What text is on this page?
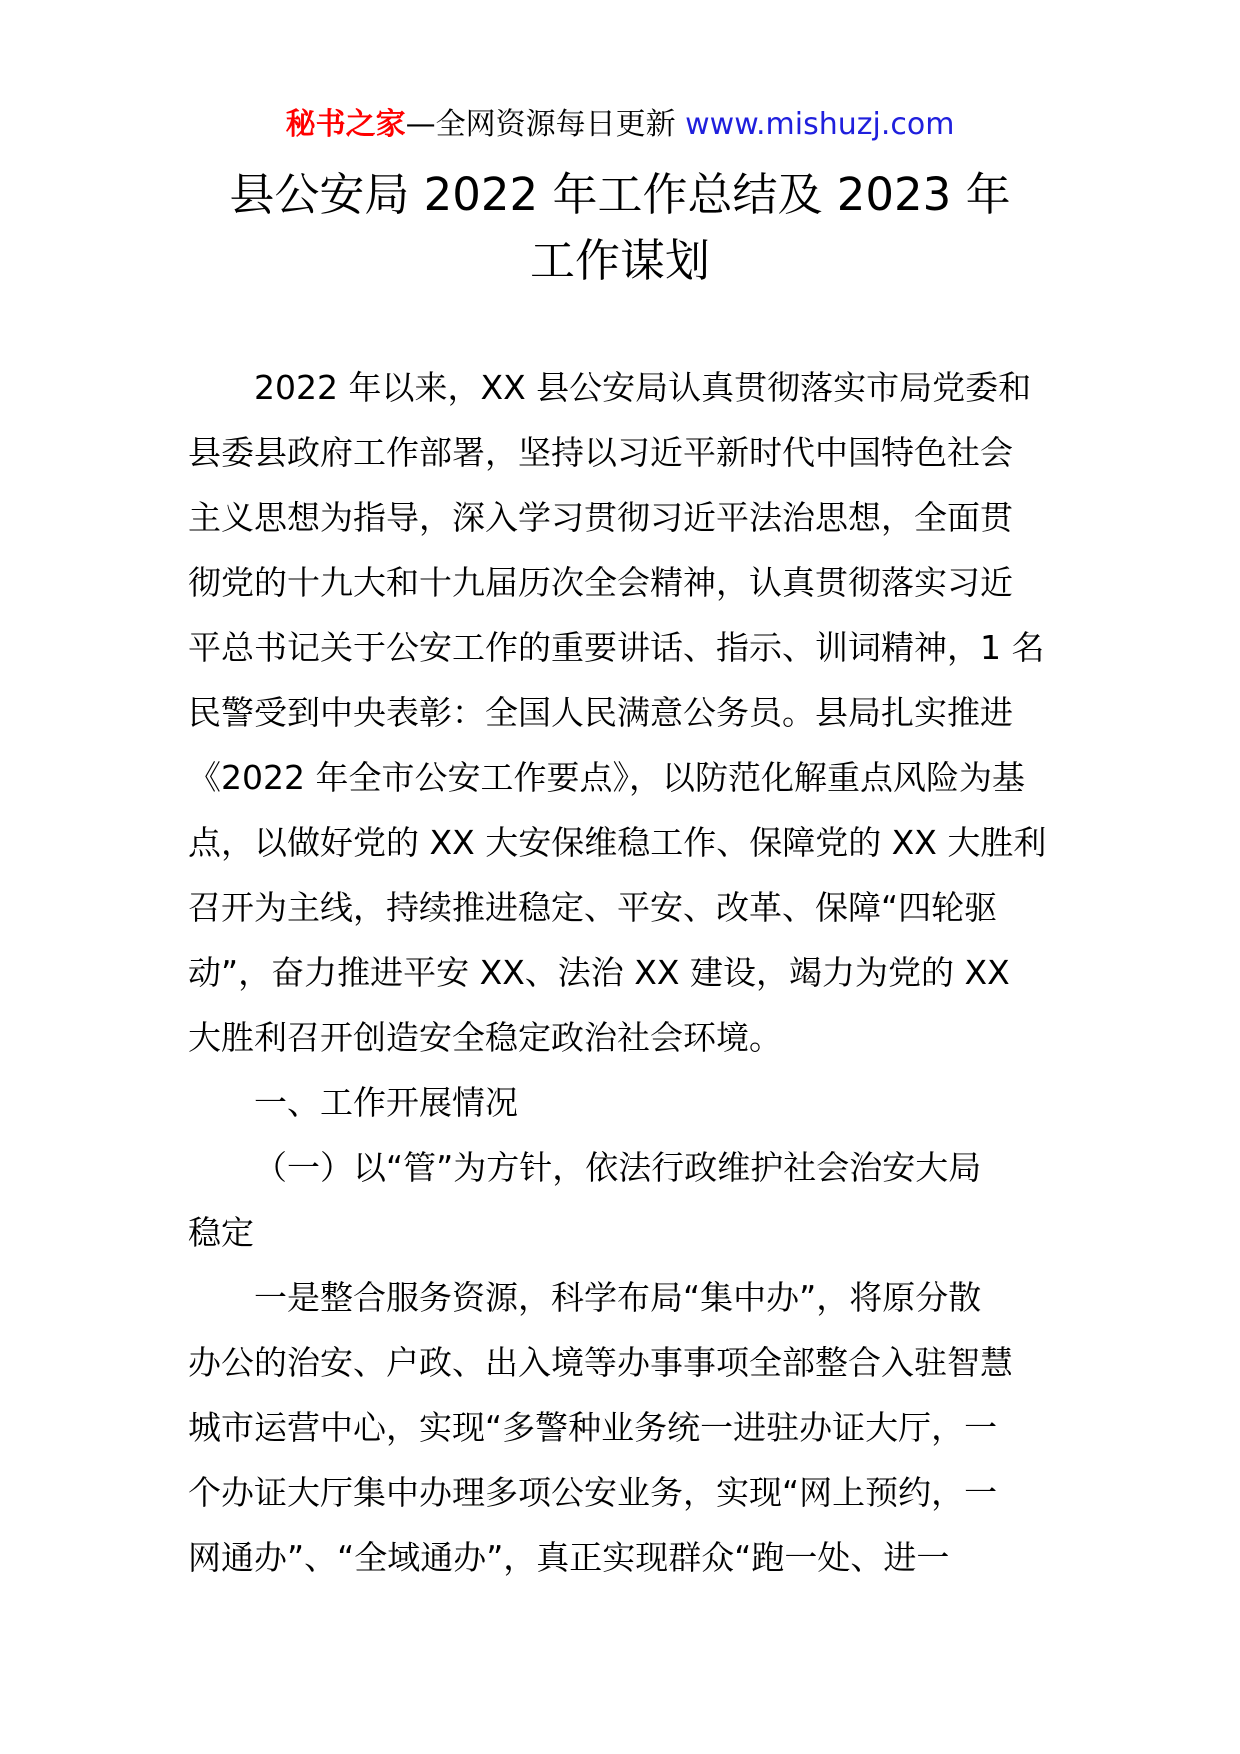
秘书之家—全网资源每日更新 www.mishuzj.com
县公安局 2022 年工作总结及 2023 年
工作谋划
2022 年以来，XX 县公安局认真贯彻落实市局党委和
县委县政府工作部署，坚持以习近平新时代中国特色社会
主义思想为指导，深入学习贯彻习近平法治思想，全面贯
彻党的十九大和十九届历次全会精神，认真贯彻落实习近
平总书记关于公安工作的重要讲话、指示、训词精神，1 名
民警受到中央表彰：全国人民满意公务员。县局扎实推进
《2022 年全市公安工作要点》，以防范化解重点风险为基
点，以做好党的 XX 大安保维稳工作、保障党的 XX 大胜利
召开为主线，持续推进稳定、平安、改革、保障“四轮驱
动”，奋力推进平安 XX、法治 XX 建设，竭力为党的 XX
大胜利召开创造安全稳定政治社会环境。
一、工作开展情况
（一）以“管”为方针，依法行政维护社会治安大局
稳定
一是整合服务资源，科学布局“集中办”，将原分散
办公的治安、户政、出入境等办事事项全部整合入驻智慧
城市运营中心，实现“多警种业务统一进驻办证大厅，一
个办证大厅集中办理多项公安业务，实现“网上预约，一
网通办”、“全域通办”，真正实现群众“跑一处、进一
